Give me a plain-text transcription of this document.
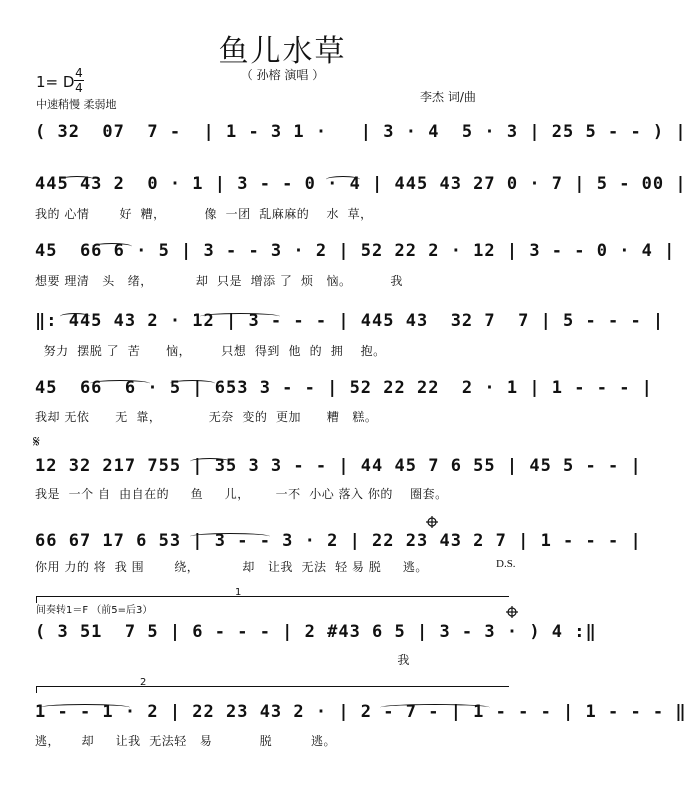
鱼儿水草
（ 孙榕 演唱 ）
1= D 4
4
中速稍慢 柔弱地
李杰 词/曲
( 32  07  7 -  | 1 - 3 1 ·   | 3 · 4  5 · 3 | 25 5 - - ) |
445 43 2  0 · 1 | 3 - - 0 · 4 | 445 43 27 0 · 7 | 5 - 00 |
我的 心情       好  糟，         像  一团  乱麻麻的    水  草，
45  66 6 · 5 | 3 - - 3 · 2 | 52 22 2 · 12 | 3 - - 0 · 4 |
想要 理清   头   绪，          却  只是  增添 了  烦   恼。         我
‖: 445 43 2 · 12 | 3 - - - | 445 43  32 7  7 | 5 - - - |
努力  摆脱 了  苦      恼，       只想  得到  他  的  拥    抱。
45  66  6 · 5 | 653 3 - - | 52 22 22  2 · 1 | 1 - - - |
我却 无依      无  靠，           无奈  变的  更加      糟   糕。
𝄋
12 32 217 755 | 35 3 3 - - | 44 45 7 6 55 | 45 5 - - |
我是  一个 自  由自在的     鱼     儿，      一不  小心 落入 你的    圈套。
66 67 17 6 53 | 3 - - 3 · 2 | 22 23 43 2 7 | 1 - - - |
你用 力的 将  我 围       绕，          却   让我  无法  轻 易 脱     逃。	D.S.
1
间奏转1＝F （前5=后3）
( 3 51  7 5 | 6 - - - | 2 #43 6 5 | 3 - 3 · ) 4 :‖
我
2
1 - - 1 · 2 | 22 23 43 2 · | 2 - 7 - | 1 - - - | 1 - - - ‖
逃，     却     让我  无法轻   易           脱         逃。
